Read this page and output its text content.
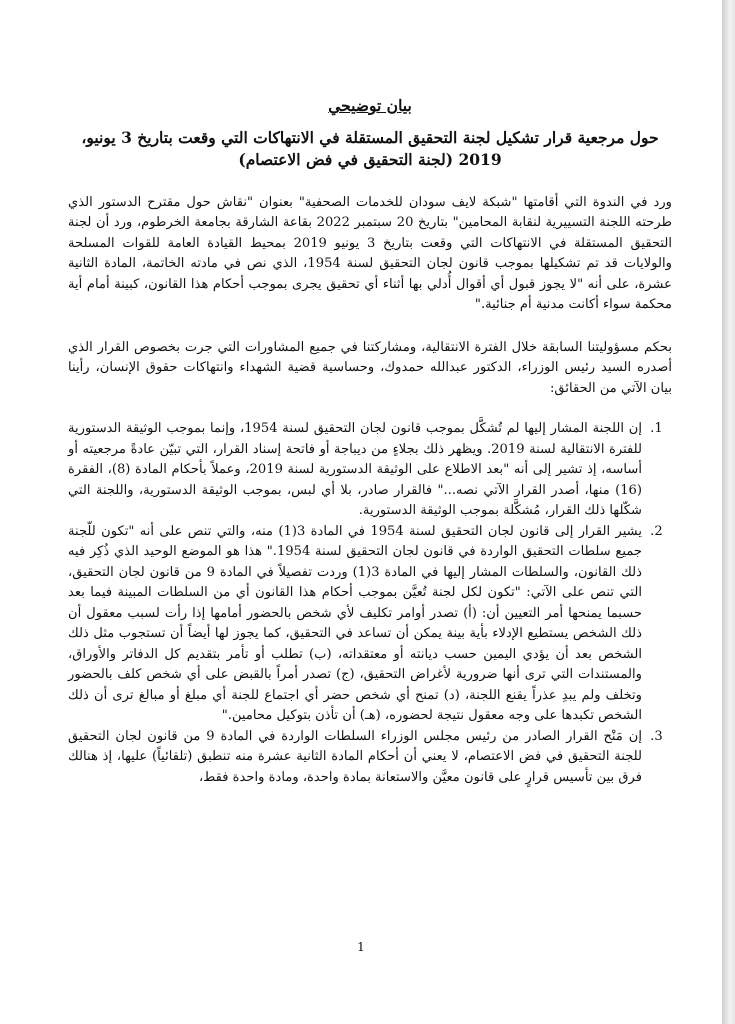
بيان توضيحي
حول مرجعية قرار تشكيل لجنة التحقيق المستقلة في الانتهاكات التي وقعت بتاريخ 3 يونيو، 2019 (لجنة التحقيق في فض الاعتصام)

ورد في الندوة التي أقامتها "شبكة لايف سودان للخدمات الصحفية" بعنوان "نقاش حول مقترح الدستور الذي طرحته اللجنة التسييرية لنقابة المحامين" بتاريخ 20 سبتمبر 2022 بقاعة الشارقة بجامعة الخرطوم، ورد أن لجنة التحقيق المستقلة في الانتهاكات التي وقعت بتاريخ 3 يونيو 2019 بمحيط القيادة العامة للقوات المسلحة والولايات قد تم تشكيلها بموجب قانون لجان التحقيق لسنة 1954، الذي نص في مادته الخاتمة، المادة الثانية عشرة، على أنه "لا يجوز قبول أي أقوال أُدلي بها أثناء أي تحقيق يجرى بموجب أحكام هذا القانون، كبينة أمام أية محكمة سواء أكانت مدنية أم جنائية."

بحكم مسؤوليتنا السابقة خلال الفترة الانتقالية، ومشاركتنا في جميع المشاورات التي جرت بخصوص القرار الذي أصدره السيد رئيس الوزراء، الدكتور عبدالله حمدوك، وحساسية قضية الشهداء وانتهاكات حقوق الإنسان، رأينا بيان الآتي من الحقائق:

1. إن اللجنة المشار إليها لم تُشكَّل بموجب قانون لجان التحقيق لسنة 1954، وإنما بموجب الوثيقة الدستورية للفترة الانتقالية لسنة 2019. ويظهر ذلك بجلاءٍ من ديباجة أو فاتحة إسناد القرار، التي تبيّن عادةً مرجعيته أو أساسه، إذ تشير إلى أنه "بعد الاطلاع على الوثيقة الدستورية لسنة 2019، وعملاً بأحكام المادة (8)، الفقرة (16) منها، أصدر القرار الآتي نصه..." فالقرار صادر، بلا أي لبس، بموجب الوثيقة الدستورية، واللجنة التي شكّلها ذلك القرار، مُشكَّلة بموجب الوثيقة الدستورية.
2. يشير القرار إلى قانون لجان التحقيق لسنة 1954 في المادة 3(1) منه، والتي تنص على أنه "تكون للّجنة جميع سلطات التحقيق الواردة في قانون لجان التحقيق لسنة 1954." هذا هو الموضع الوحيد الذي ذُكِر فيه ذلك القانون، والسلطات المشار إليها في المادة 3(1) وردت تفصيلاً في المادة 9 من قانون لجان التحقيق، التي تنص على الآتي: "تكون لكل لجنة تُعيَّن بموجب أحكام هذا القانون أي من السلطات المبينة فيما بعد حسبما يمنحها أمر التعيين أن: (أ) تصدر أوامر تكليف لأي شخص بالحضور أمامها إذا رأت لسبب معقول أن ذلك الشخص يستطيع الإدلاء بأية بينة يمكن أن تساعد في التحقيق، كما يجوز لها أيضاً أن تستجوب مثل ذلك الشخص بعد أن يؤدي اليمين حسب ديانته أو معتقداته، (ب) تطلب أو تأمر بتقديم كل الدفاتر والأوراق، والمستندات التي ترى أنها ضرورية لأغراض التحقيق، (ج) تصدر أمراً بالقبض على أي شخص كلف بالحضور وتخلف ولم يبدِ عذراً يقنع اللجنة، (د) تمنح أي شخص حضر أي اجتماع للجنة أي مبلغ أو مبالغ ترى أن ذلك الشخص تكبدها على وجه معقول نتيجة لحضوره، (هـ) أن تأذن بتوكيل محامين."
3. إن مَنْح القرار الصادر من رئيس مجلس الوزراء السلطات الواردة في المادة 9 من قانون لجان التحقيق للجنة التحقيق في فض الاعتصام، لا يعني أن أحكام المادة الثانية عشرة منه تنطبق (تلقائياً) عليها، إذ هنالك فرق بين تأسيس قرارٍ على قانون معيَّن والاستعانة بمادة واحدة، ومادة واحدة فقط،
1
